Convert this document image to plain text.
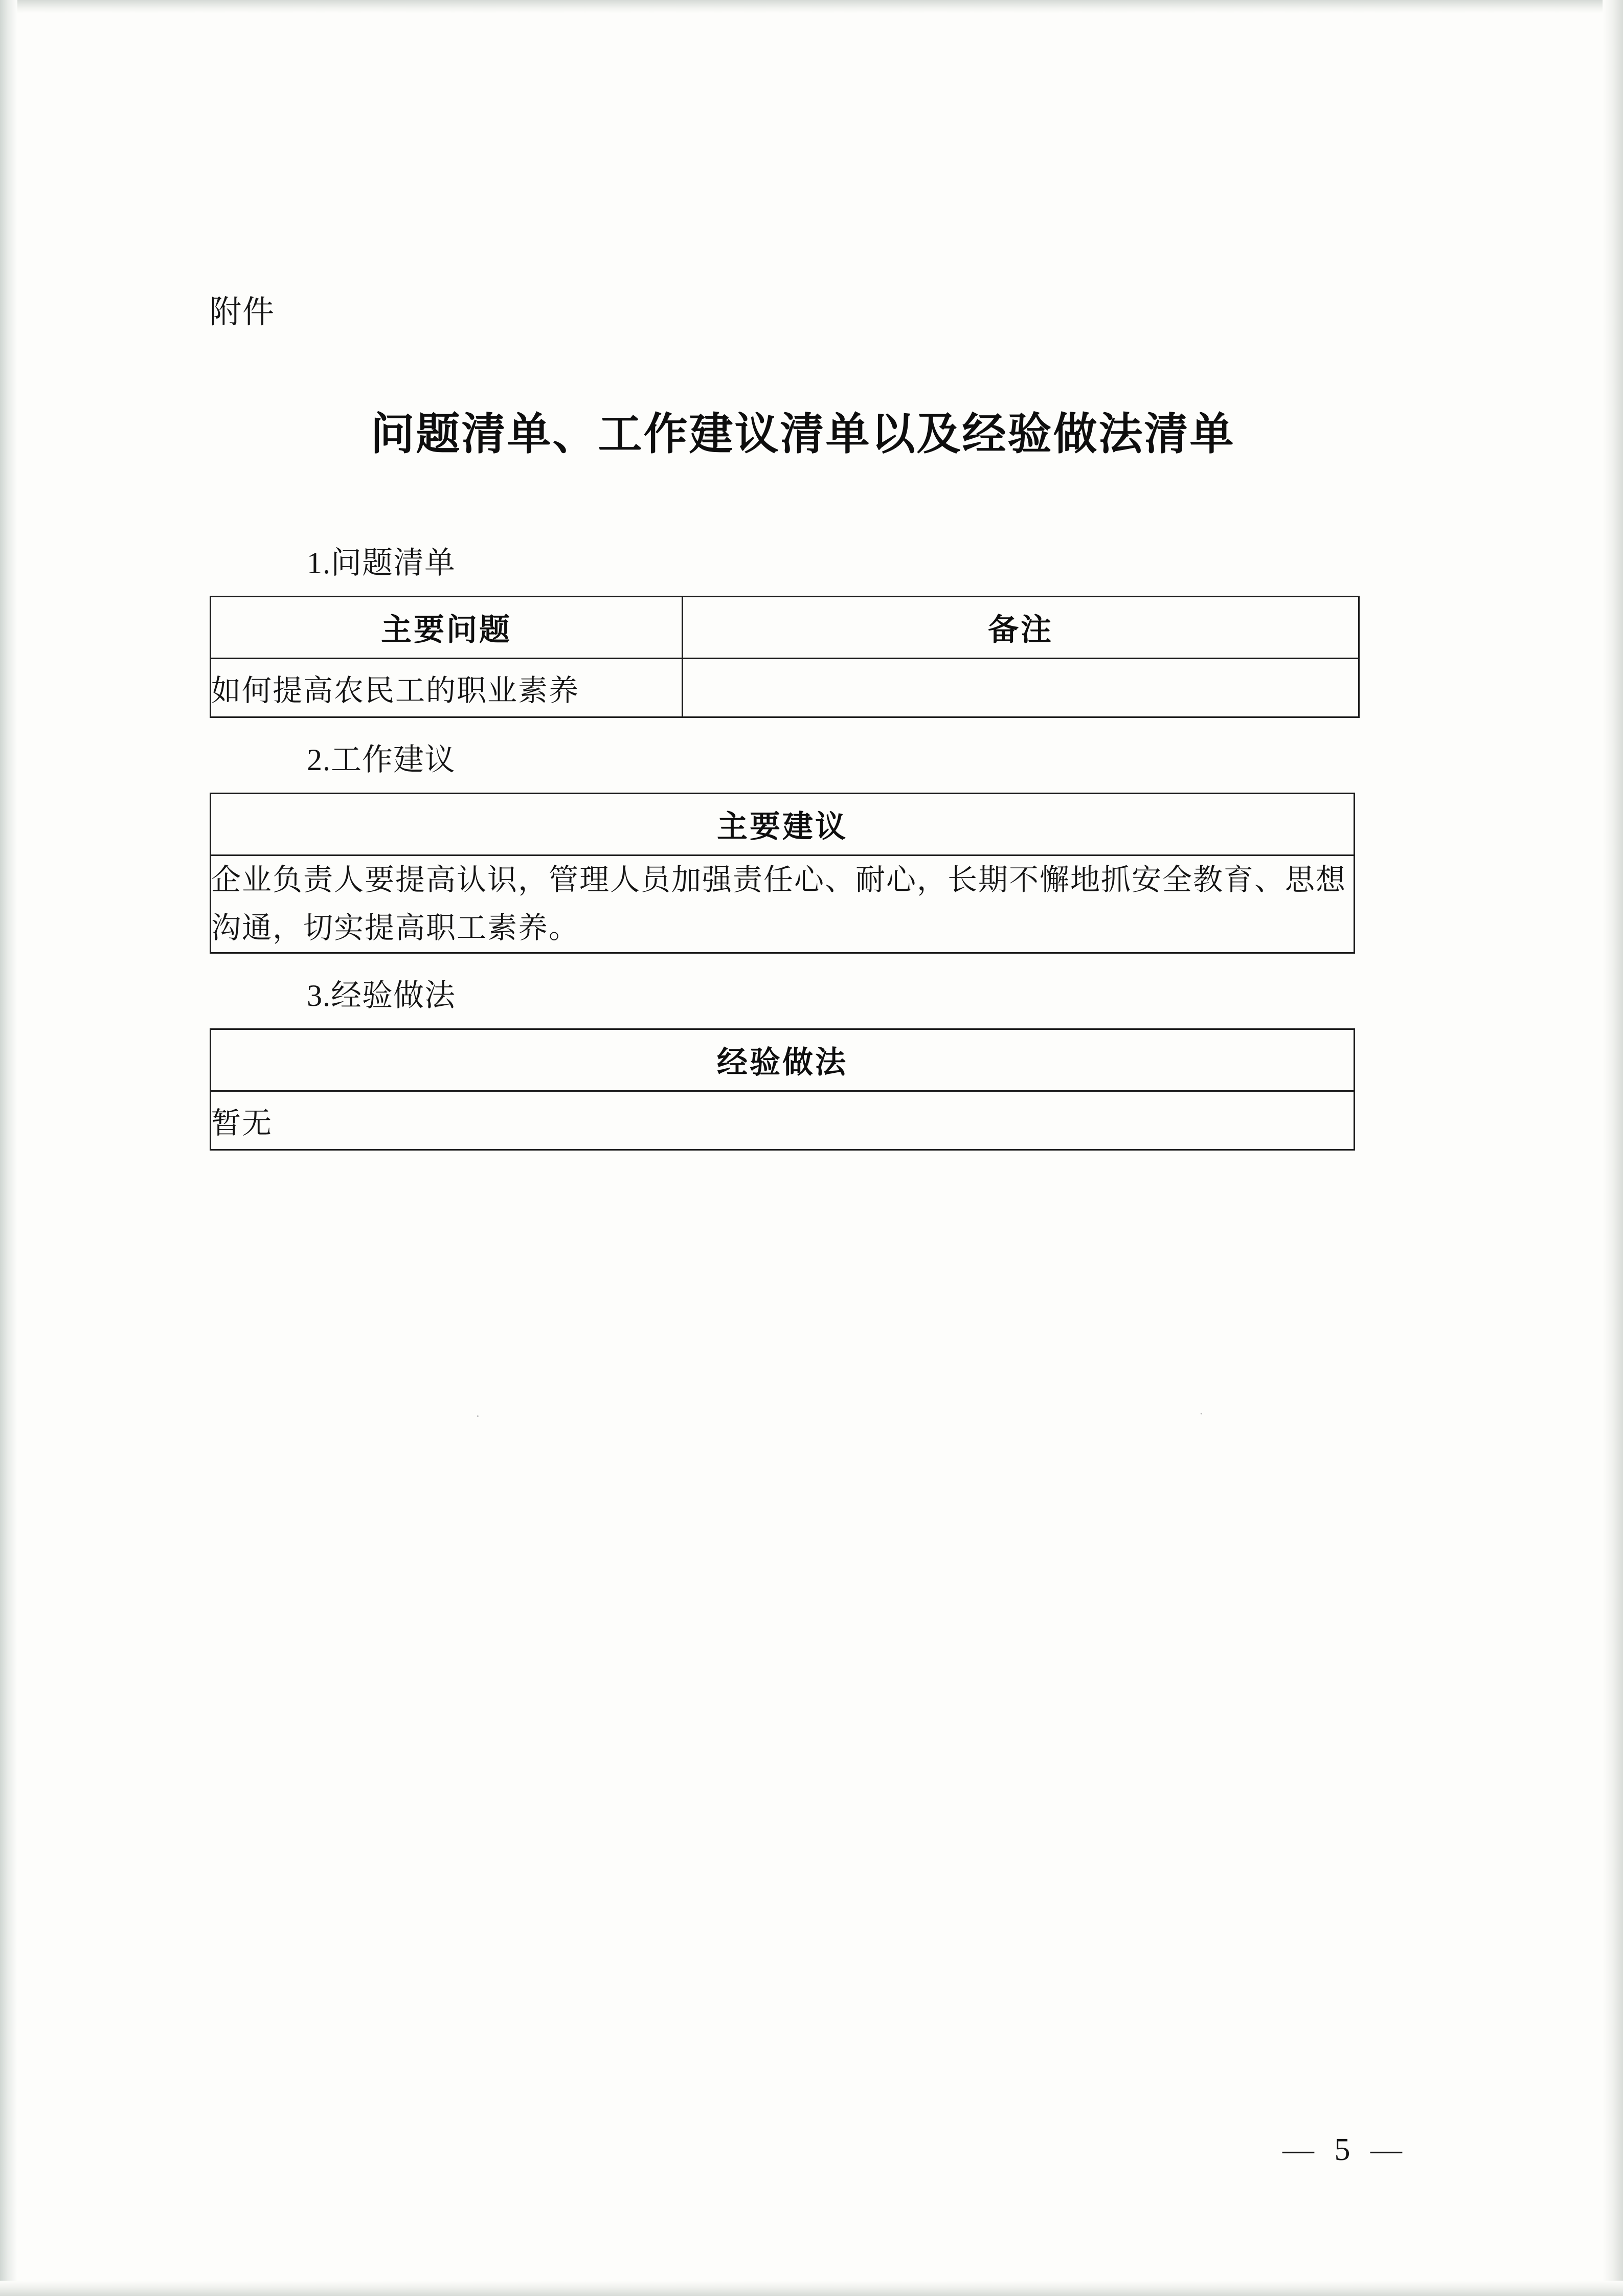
附件
问题清单、工作建议清单以及经验做法清单
1.问题清单
主要问题	备注
如何提高农民工的职业素养	
2.工作建议
主要建议
企业负责人要提高认识，管理人员加强责任心、耐心，长期不懈地抓安全教育、思想沟通，切实提高职工素养。
3.经验做法
经验做法
暂无
·	·
— 5 —
